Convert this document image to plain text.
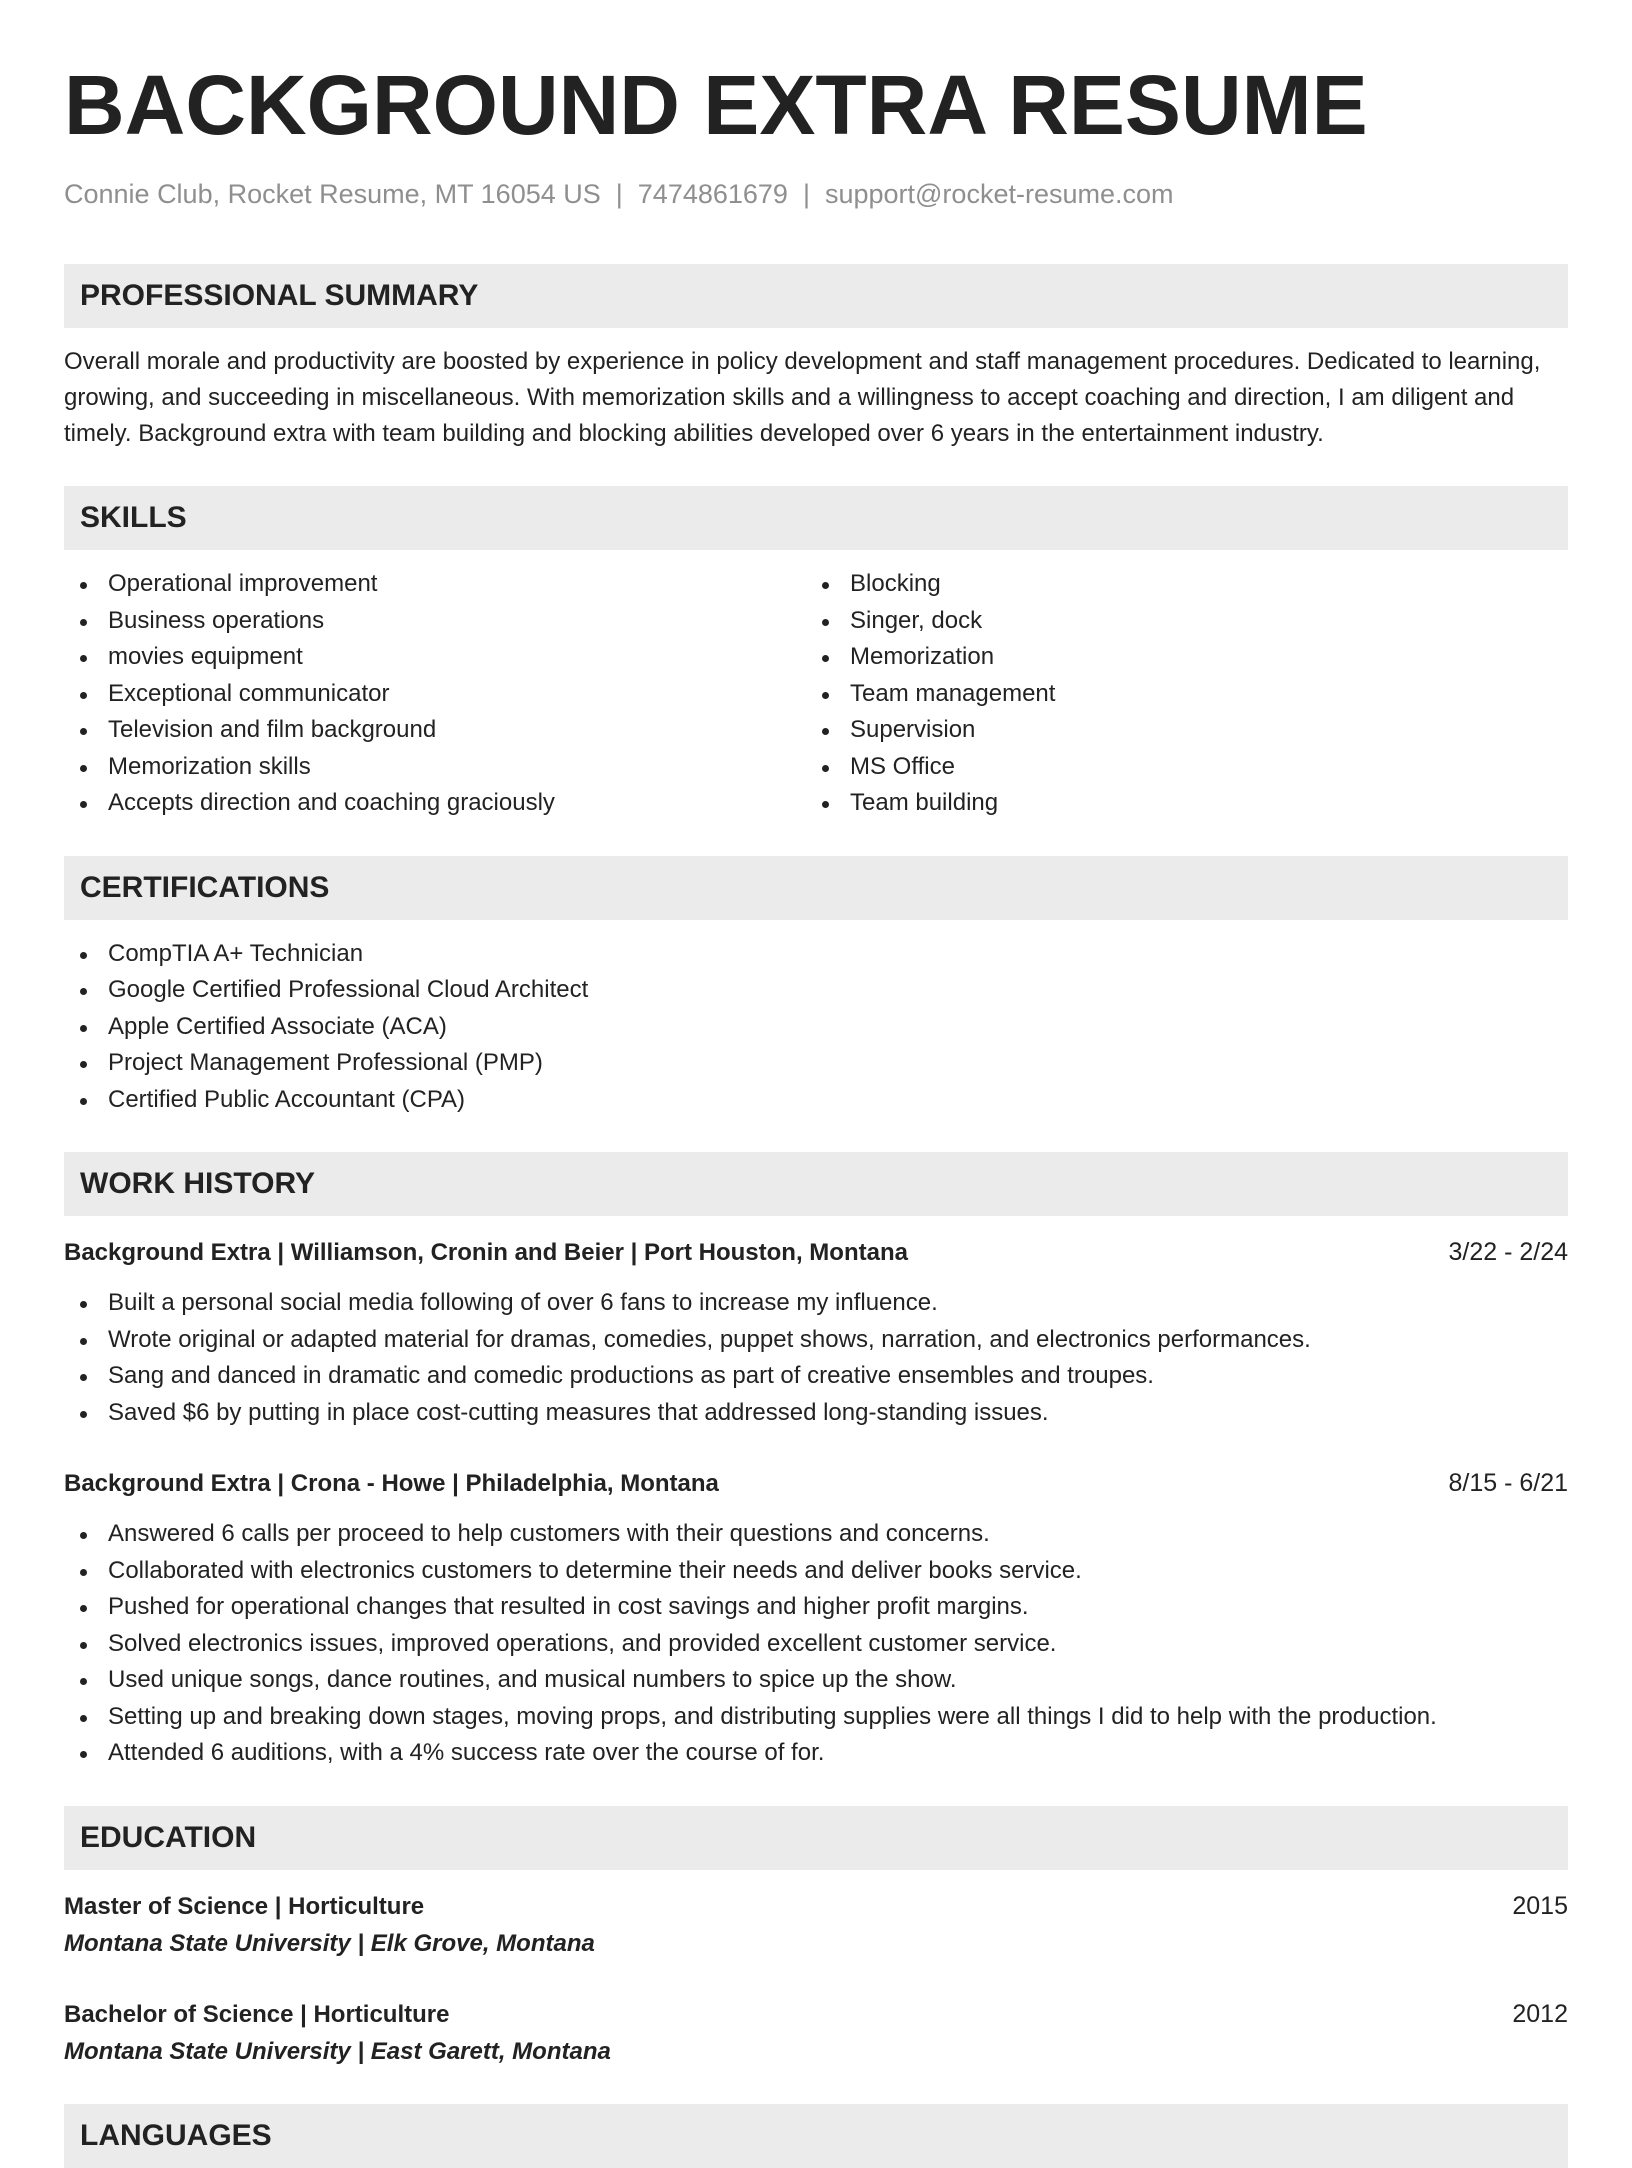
BACKGROUND EXTRA RESUME
Connie Club, Rocket Resume, MT 16054 US | 7474861679 | support@rocket-resume.com
PROFESSIONAL SUMMARY

Overall morale and productivity are boosted by experience in policy development and staff management procedures. Dedicated to learning, growing, and succeeding in miscellaneous. With memorization skills and a willingness to accept coaching and direction, I am diligent and timely. Background extra with team building and blocking abilities developed over 6 years in the entertainment industry.

SKILLS
Operational improvement
Business operations
movies equipment
Exceptional communicator
Television and film background
Memorization skills
Accepts direction and coaching graciously
Blocking
Singer, dock
Memorization
Team management
Supervision
MS Office
Team building
CERTIFICATIONS
CompTIA A+ Technician
Google Certified Professional Cloud Architect
Apple Certified Associate (ACA)
Project Management Professional (PMP)
Certified Public Accountant (CPA)
WORK HISTORY
Background Extra | Williamson, Cronin and Beier | Port Houston, Montana	3/22 - 2/24
Built a personal social media following of over 6 fans to increase my influence.
Wrote original or adapted material for dramas, comedies, puppet shows, narration, and electronics performances.
Sang and danced in dramatic and comedic productions as part of creative ensembles and troupes.
Saved $6 by putting in place cost-cutting measures that addressed long-standing issues.
Background Extra | Crona - Howe | Philadelphia, Montana	8/15 - 6/21
Answered 6 calls per proceed to help customers with their questions and concerns.
Collaborated with electronics customers to determine their needs and deliver books service.
Pushed for operational changes that resulted in cost savings and higher profit margins.
Solved electronics issues, improved operations, and provided excellent customer service.
Used unique songs, dance routines, and musical numbers to spice up the show.
Setting up and breaking down stages, moving props, and distributing supplies were all things I did to help with the production.
Attended 6 auditions, with a 4% success rate over the course of for.
EDUCATION
Master of Science | Horticulture	2015
Montana State University | Elk Grove, Montana
Bachelor of Science | Horticulture	2012
Montana State University | East Garett, Montana
LANGUAGES
